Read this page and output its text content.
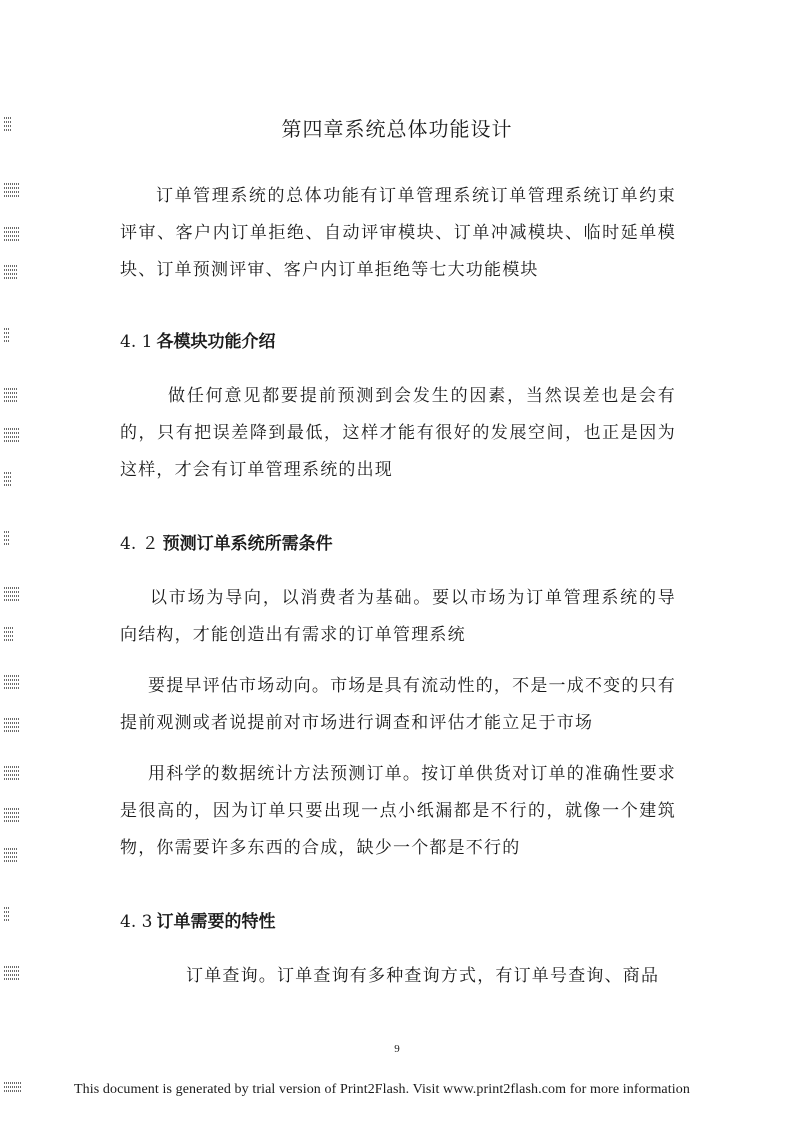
第四章系统总体功能设计
订单管理系统的总体功能有订单管理系统订单管理系统订单约束评审、客户内订单拒绝、自动评审模块、订单冲减模块、临时延单模块、订单预测评审、客户内订单拒绝等七大功能模块
4. 1 各模块功能介绍
做任何意见都要提前预测到会发生的因素，当然误差也是会有的，只有把误差降到最低，这样才能有很好的发展空间，也正是因为这样，才会有订单管理系统的出现
4. ２ 预测订单系统所需条件
以市场为导向，以消费者为基础。要以市场为订单管理系统的导向结构，才能创造出有需求的订单管理系统
要提早评估市场动向。市场是具有流动性的，不是一成不变的只有提前观测或者说提前对市场进行调查和评估才能立足于市场
用科学的数据统计方法预测订单。按订单供货对订单的准确性要求是很高的，因为订单只要出现一点小纸漏都是不行的，就像一个建筑物，你需要许多东西的合成，缺少一个都是不行的
4. 3 订单需要的特性
订单查询。订单查询有多种查询方式，有订单号查询、商品
9
This document is generated by trial version of Print2Flash. Visit www.print2flash.com for more information
